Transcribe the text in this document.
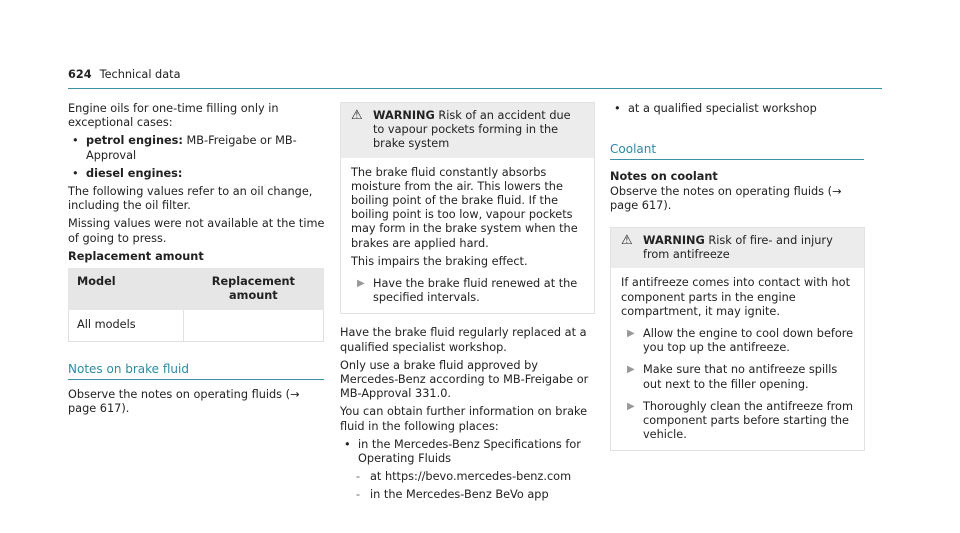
624 Technical data

Engine oils for one-time filling only in exceptional cases:

• petrol engines: MB-Freigabe or MB-Approval
• diesel engines:

The following values refer to an oil change, including the oil filter.

Missing values were not available at the time of going to press.

Replacement amount

Model	Replacement amount
All models	
Notes on brake fluid

Observe the notes on operating fluids (→ page 617).

⚠ WARNING Risk of an accident due to vapour pockets forming in the brake system

The brake fluid constantly absorbs moisture from the air. This lowers the boiling point of the brake fluid. If the boiling point is too low, vapour pockets may form in the brake system when the brakes are applied hard.

This impairs the braking effect.

▶ Have the brake fluid renewed at the specified intervals.

Have the brake fluid regularly replaced at a qualified specialist workshop.

Only use a brake fluid approved by Mercedes-Benz according to MB-Freigabe or MB-Approval 331.0.

You can obtain further information on brake fluid in the following places:

• in the Mercedes-Benz Specifications for Operating Fluids
- at https://bevo.mercedes-benz.com
- in the Mercedes-Benz BeVo app
• at a qualified specialist workshop
Coolant

Notes on coolant

Observe the notes on operating fluids (→ page 617).

⚠ WARNING Risk of fire- and injury from antifreeze

If antifreeze comes into contact with hot component parts in the engine compartment, it may ignite.

▶ Allow the engine to cool down before you top up the antifreeze.
▶ Make sure that no antifreeze spills out next to the filler opening.
▶ Thoroughly clean the antifreeze from component parts before starting the vehicle.
